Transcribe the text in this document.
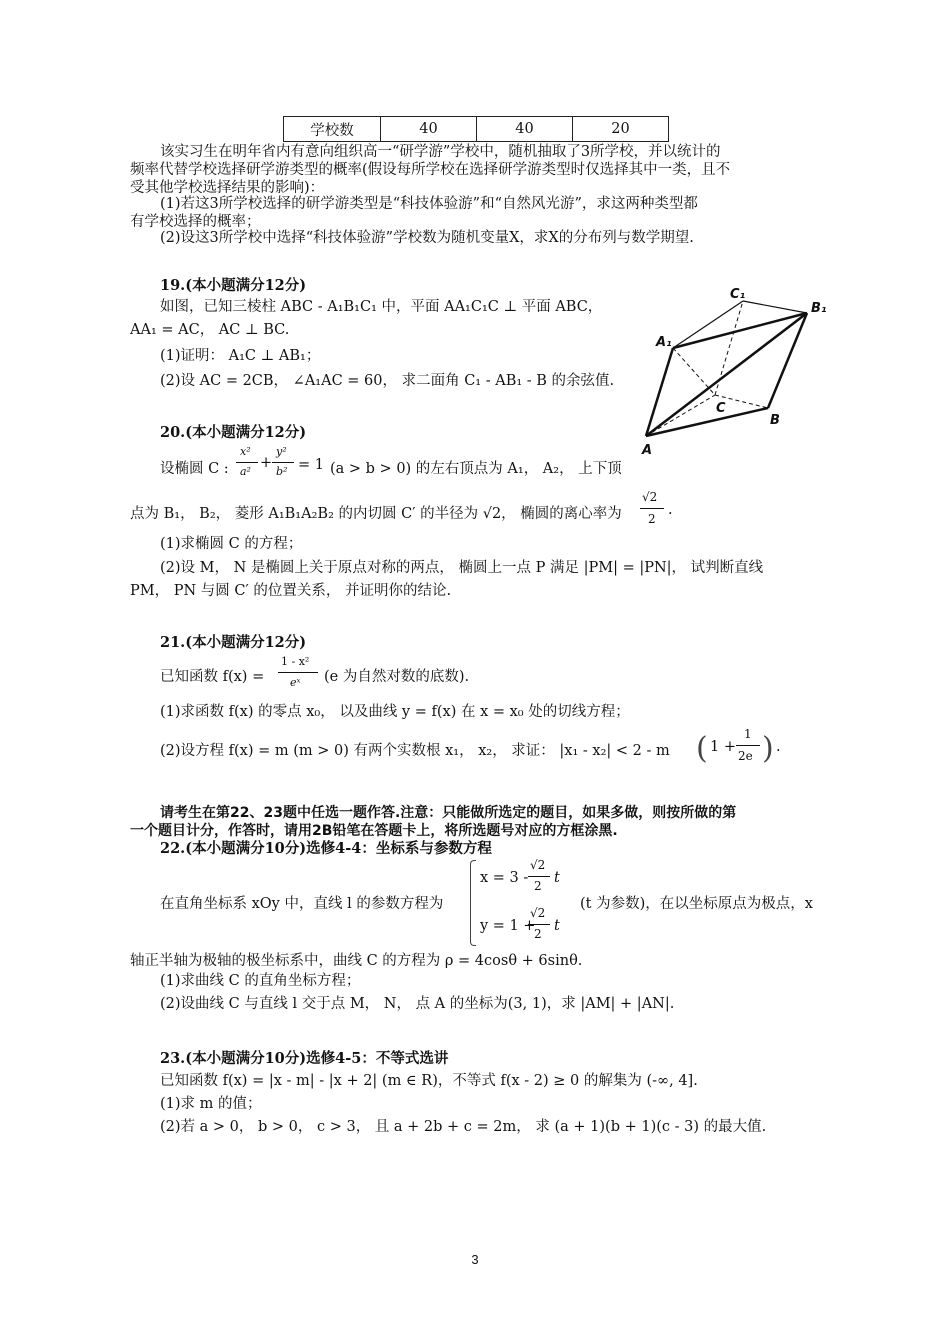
学校数	40	40	20
该实习生在明年省内有意向组织高一“研学游”学校中，随机抽取了3所学校，并以统计的
频率代替学校选择研学游类型的概率(假设每所学校在选择研学游类型时仅选择其中一类，且不
受其他学校选择结果的影响)：
(1)若这3所学校选择的研学游类型是“科技体验游”和“自然风光游”，求这两种类型都
有学校选择的概率；
(2)设这3所学校中选择“科技体验游”学校数为随机变量X，求X的分布列与数学期望.
19.(本小题满分12分)
如图，已知三棱柱 ABC - A₁B₁C₁ 中，平面 AA₁C₁C ⊥ 平面 ABC，
AA₁ = AC， AC ⊥ BC.
(1)证明： A₁C ⊥ AB₁；
(2)设 AC = 2CB， ∠A₁AC = 60， 求二面角 C₁ - AB₁ - B 的余弦值.
C₁
B₁
A₁
C
B
A
20.(本小题满分12分)
设椭圆 C :
x²
a²
+
y²
b² = 1 (a > b > 0) 的左右顶点为 A₁， A₂， 上下顶
点为 B₁， B₂， 菱形 A₁B₁A₂B₂ 的内切圆 C′ 的半径为 √2， 椭圆的离心率为
√2
2
.
(1)求椭圆 C 的方程；
(2)设 M， N 是椭圆上关于原点对称的两点， 椭圆上一点 P 满足 |PM| = |PN|， 试判断直线
PM， PN 与圆 C′ 的位置关系， 并证明你的结论.
21.(本小题满分12分)
已知函数 f(x) =
1 - x²
eˣ (e 为自然对数的底数).
(1)求函数 f(x) 的零点 x₀， 以及曲线 y = f(x) 在 x = x₀ 处的切线方程；
(2)设方程 f(x) = m (m > 0) 有两个实数根 x₁， x₂， 求证： |x₁ - x₂| < 2 - m ( 1 +
1
2e ) .
请考生在第22、23题中任选一题作答.注意：只能做所选定的题目，如果多做，则按所做的第
一个题目计分，作答时，请用2B铅笔在答题卡上，将所选题号对应的方框涂黑.
22.(本小题满分10分)选修4-4：坐标系与参数方程
在直角坐标系 xOy 中，直线 l 的参数方程为
x = 3 -
√2
2 t
y = 1 +
√2
2 t
(t 为参数)，在以坐标原点为极点，x
轴正半轴为极轴的极坐标系中，曲线 C 的方程为 ρ = 4cosθ + 6sinθ.
(1)求曲线 C 的直角坐标方程；
(2)设曲线 C 与直线 l 交于点 M， N， 点 A 的坐标为(3, 1)，求 |AM| + |AN|.
23.(本小题满分10分)选修4-5：不等式选讲
已知函数 f(x) = |x - m| - |x + 2| (m ∈ R)，不等式 f(x - 2) ≥ 0 的解集为 (-∞, 4].
(1)求 m 的值；
(2)若 a > 0， b > 0， c > 3， 且 a + 2b + c = 2m， 求 (a + 1)(b + 1)(c - 3) 的最大值.
3
